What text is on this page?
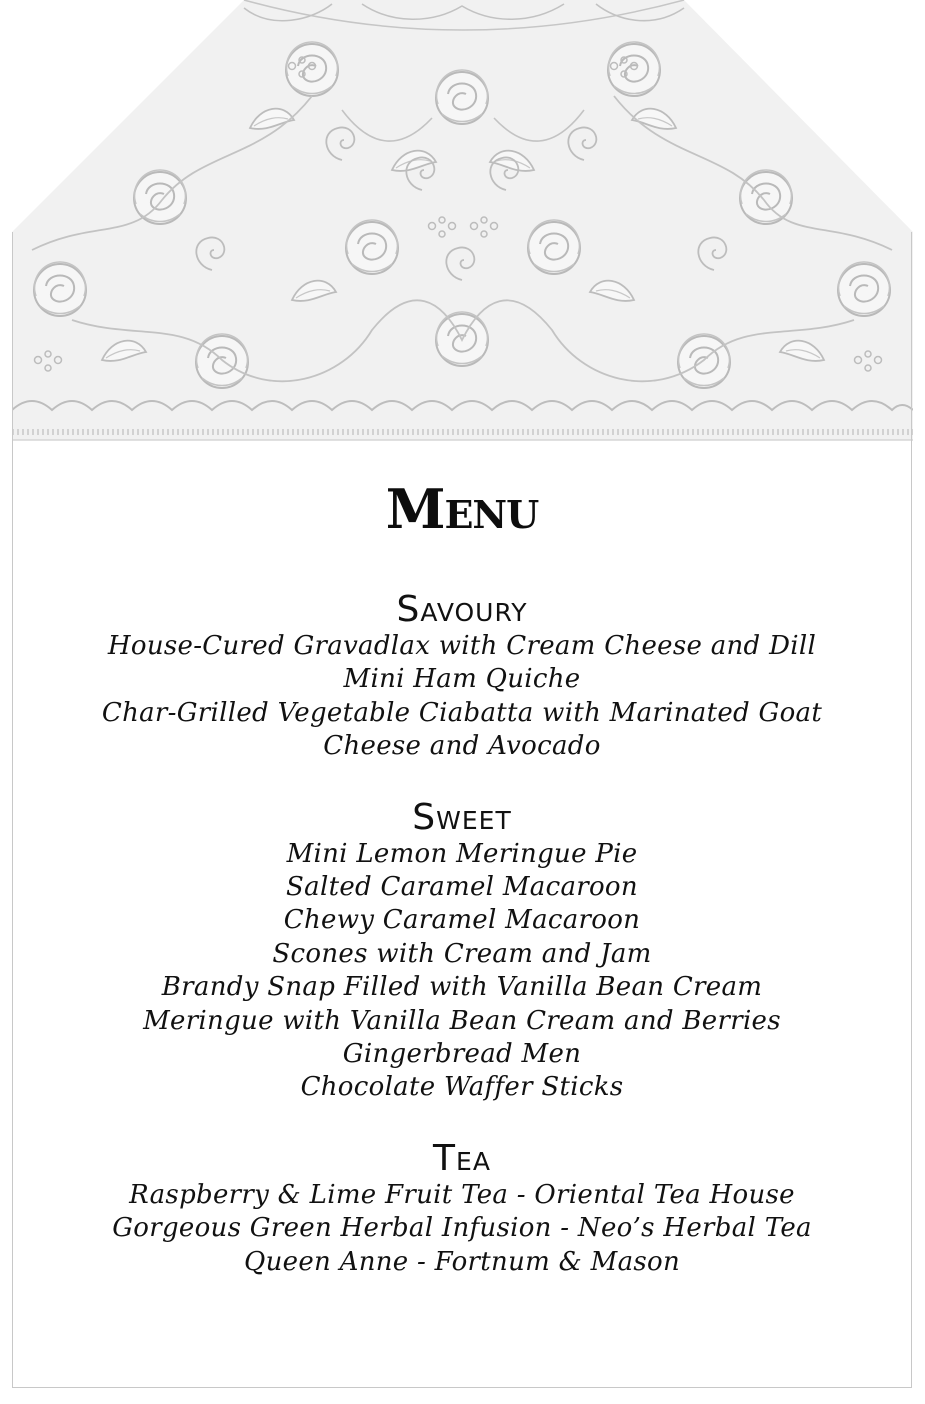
Menu
Savoury
House-Cured Gravadlax with Cream Cheese and Dill
Mini Ham Quiche
Char-Grilled Vegetable Ciabatta with Marinated Goat Cheese and Avocado
Sweet
Mini Lemon Meringue Pie
Salted Caramel Macaroon
Chewy Caramel Macaroon
Scones with Cream and Jam
Brandy Snap Filled with Vanilla Bean Cream
Meringue with Vanilla Bean Cream and Berries
Gingerbread Men
Chocolate Waffer Sticks
Tea
Raspberry & Lime Fruit Tea - Oriental Tea House
Gorgeous Green Herbal Infusion - Neo’s Herbal Tea
Queen Anne - Fortnum & Mason
